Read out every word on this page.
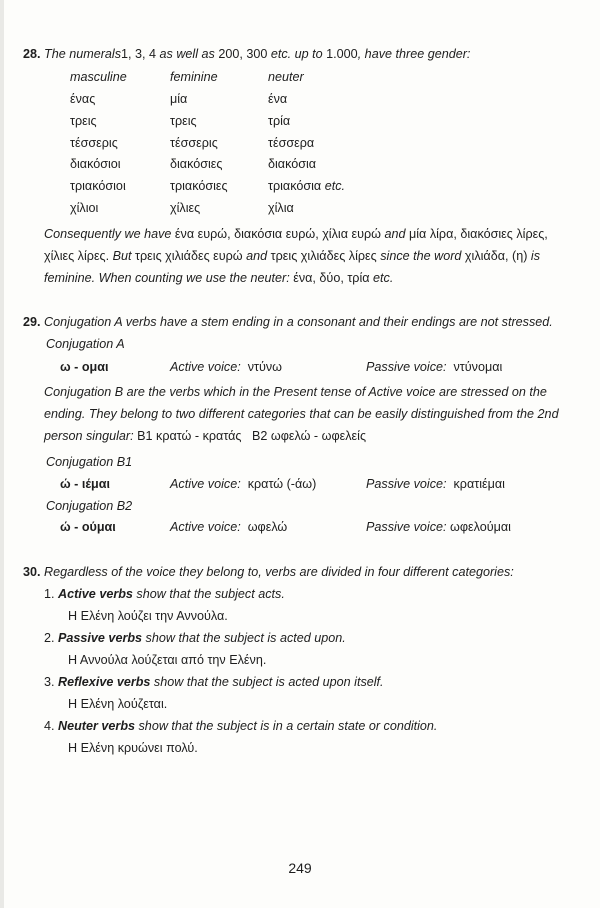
28. The numerals1, 3, 4 as well as 200, 300 etc. up to 1.000, have three gender:
masculine	feminine	neuter
ένας	μία	ένα
τρεις	τρεις	τρία
τέσσερις	τέσσερις	τέσσερα
διακόσιοι	διακόσιες	διακόσια
τριακόσιοι	τριακόσιες	τριακόσια etc.
χίλιοι	χίλιες	χίλια
Consequently we have ένα ευρώ, διακόσια ευρώ, χίλια ευρώ and μία λίρα, διακόσιες λίρες,
χίλιες λίρες. But τρεις χιλιάδες ευρώ and τρεις χιλιάδες λίρες since the word χιλιάδα, (η) is
feminine. When counting we use the neuter: ένα, δύο, τρία etc.
29. Conjugation A verbs have a stem ending in a consonant and their endings are not stressed.
Conjugation A
ω - ομαι	Active voice: ντύνω	Passive voice: ντύνομαι
Conjugation B are the verbs which in the Present tense of Active voice are stressed on the
ending. They belong to two different categories that can be easily distinguished from the 2nd
person singular: B1 κρατώ - κρατάς   B2 ωφελώ - ωφελείς
Conjugation B1
ώ - ιέμαι	Active voice: κρατώ (-άω)	Passive voice: κρατιέμαι
Conjugation B2
ώ - ούμαι	Active voice: ωφελώ	Passive voice: ωφελούμαι
30. Regardless of the voice they belong to, verbs are divided in four different categories:
1. Active verbs show that the subject acts.
Η Ελένη λούζει την Αννούλα.
2. Passive verbs show that the subject is acted upon.
Η Αννούλα λούζεται από την Ελένη.
3. Reflexive verbs show that the subject is acted upon itself.
Η Ελένη λούζεται.
4. Neuter verbs show that the subject is in a certain state or condition.
Η Ελένη κρυώνει πολύ.
249
